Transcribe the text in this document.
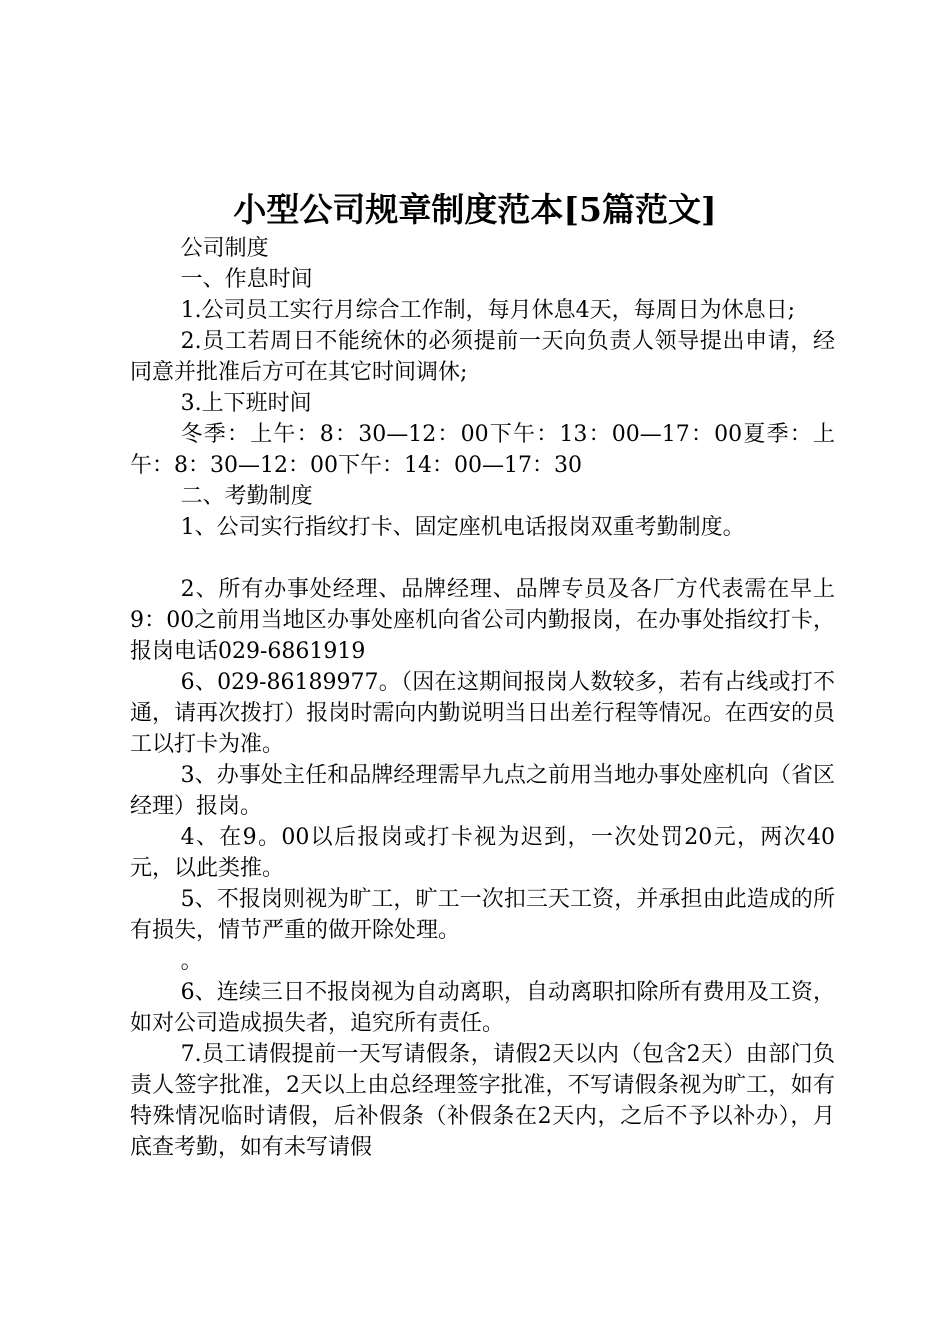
小型公司规章制度范本[5篇范文]

公司制度

一、作息时间

1.公司员工实行月综合工作制，每月休息4天，每周日为休息日;

2.员工若周日不能统休的必须提前一天向负责人领导提出申请，经同意并批准后方可在其它时间调休;

3.上下班时间

冬季：上午：8：30—12：00下午：13：00—17：00夏季：上午：8：30—12：00下午：14：00—17：30

二、考勤制度

1、公司实行指纹打卡、固定座机电话报岗双重考勤制度。

2、所有办事处经理、品牌经理、品牌专员及各厂方代表需在早上9：00之前用当地区办事处座机向省公司内勤报岗，在办事处指纹打卡，报岗电话029-6861919

6、029-86189977。（因在这期间报岗人数较多，若有占线或打不通，请再次拨打）报岗时需向内勤说明当日出差行程等情况。在西安的员工以打卡为准。

3、办事处主任和品牌经理需早九点之前用当地办事处座机向（省区经理）报岗。

4、在9。00以后报岗或打卡视为迟到，一次处罚20元，两次40元，以此类推。

5、不报岗则视为旷工，旷工一次扣三天工资，并承担由此造成的所有损失，情节严重的做开除处理。

。

6、连续三日不报岗视为自动离职，自动离职扣除所有费用及工资，如对公司造成损失者，追究所有责任。

7.员工请假提前一天写请假条，请假2天以内（包含2天）由部门负责人签字批准，2天以上由总经理签字批准，不写请假条视为旷工，如有特殊情况临时请假，后补假条（补假条在2天内，之后不予以补办），月底查考勤，如有未写请假
